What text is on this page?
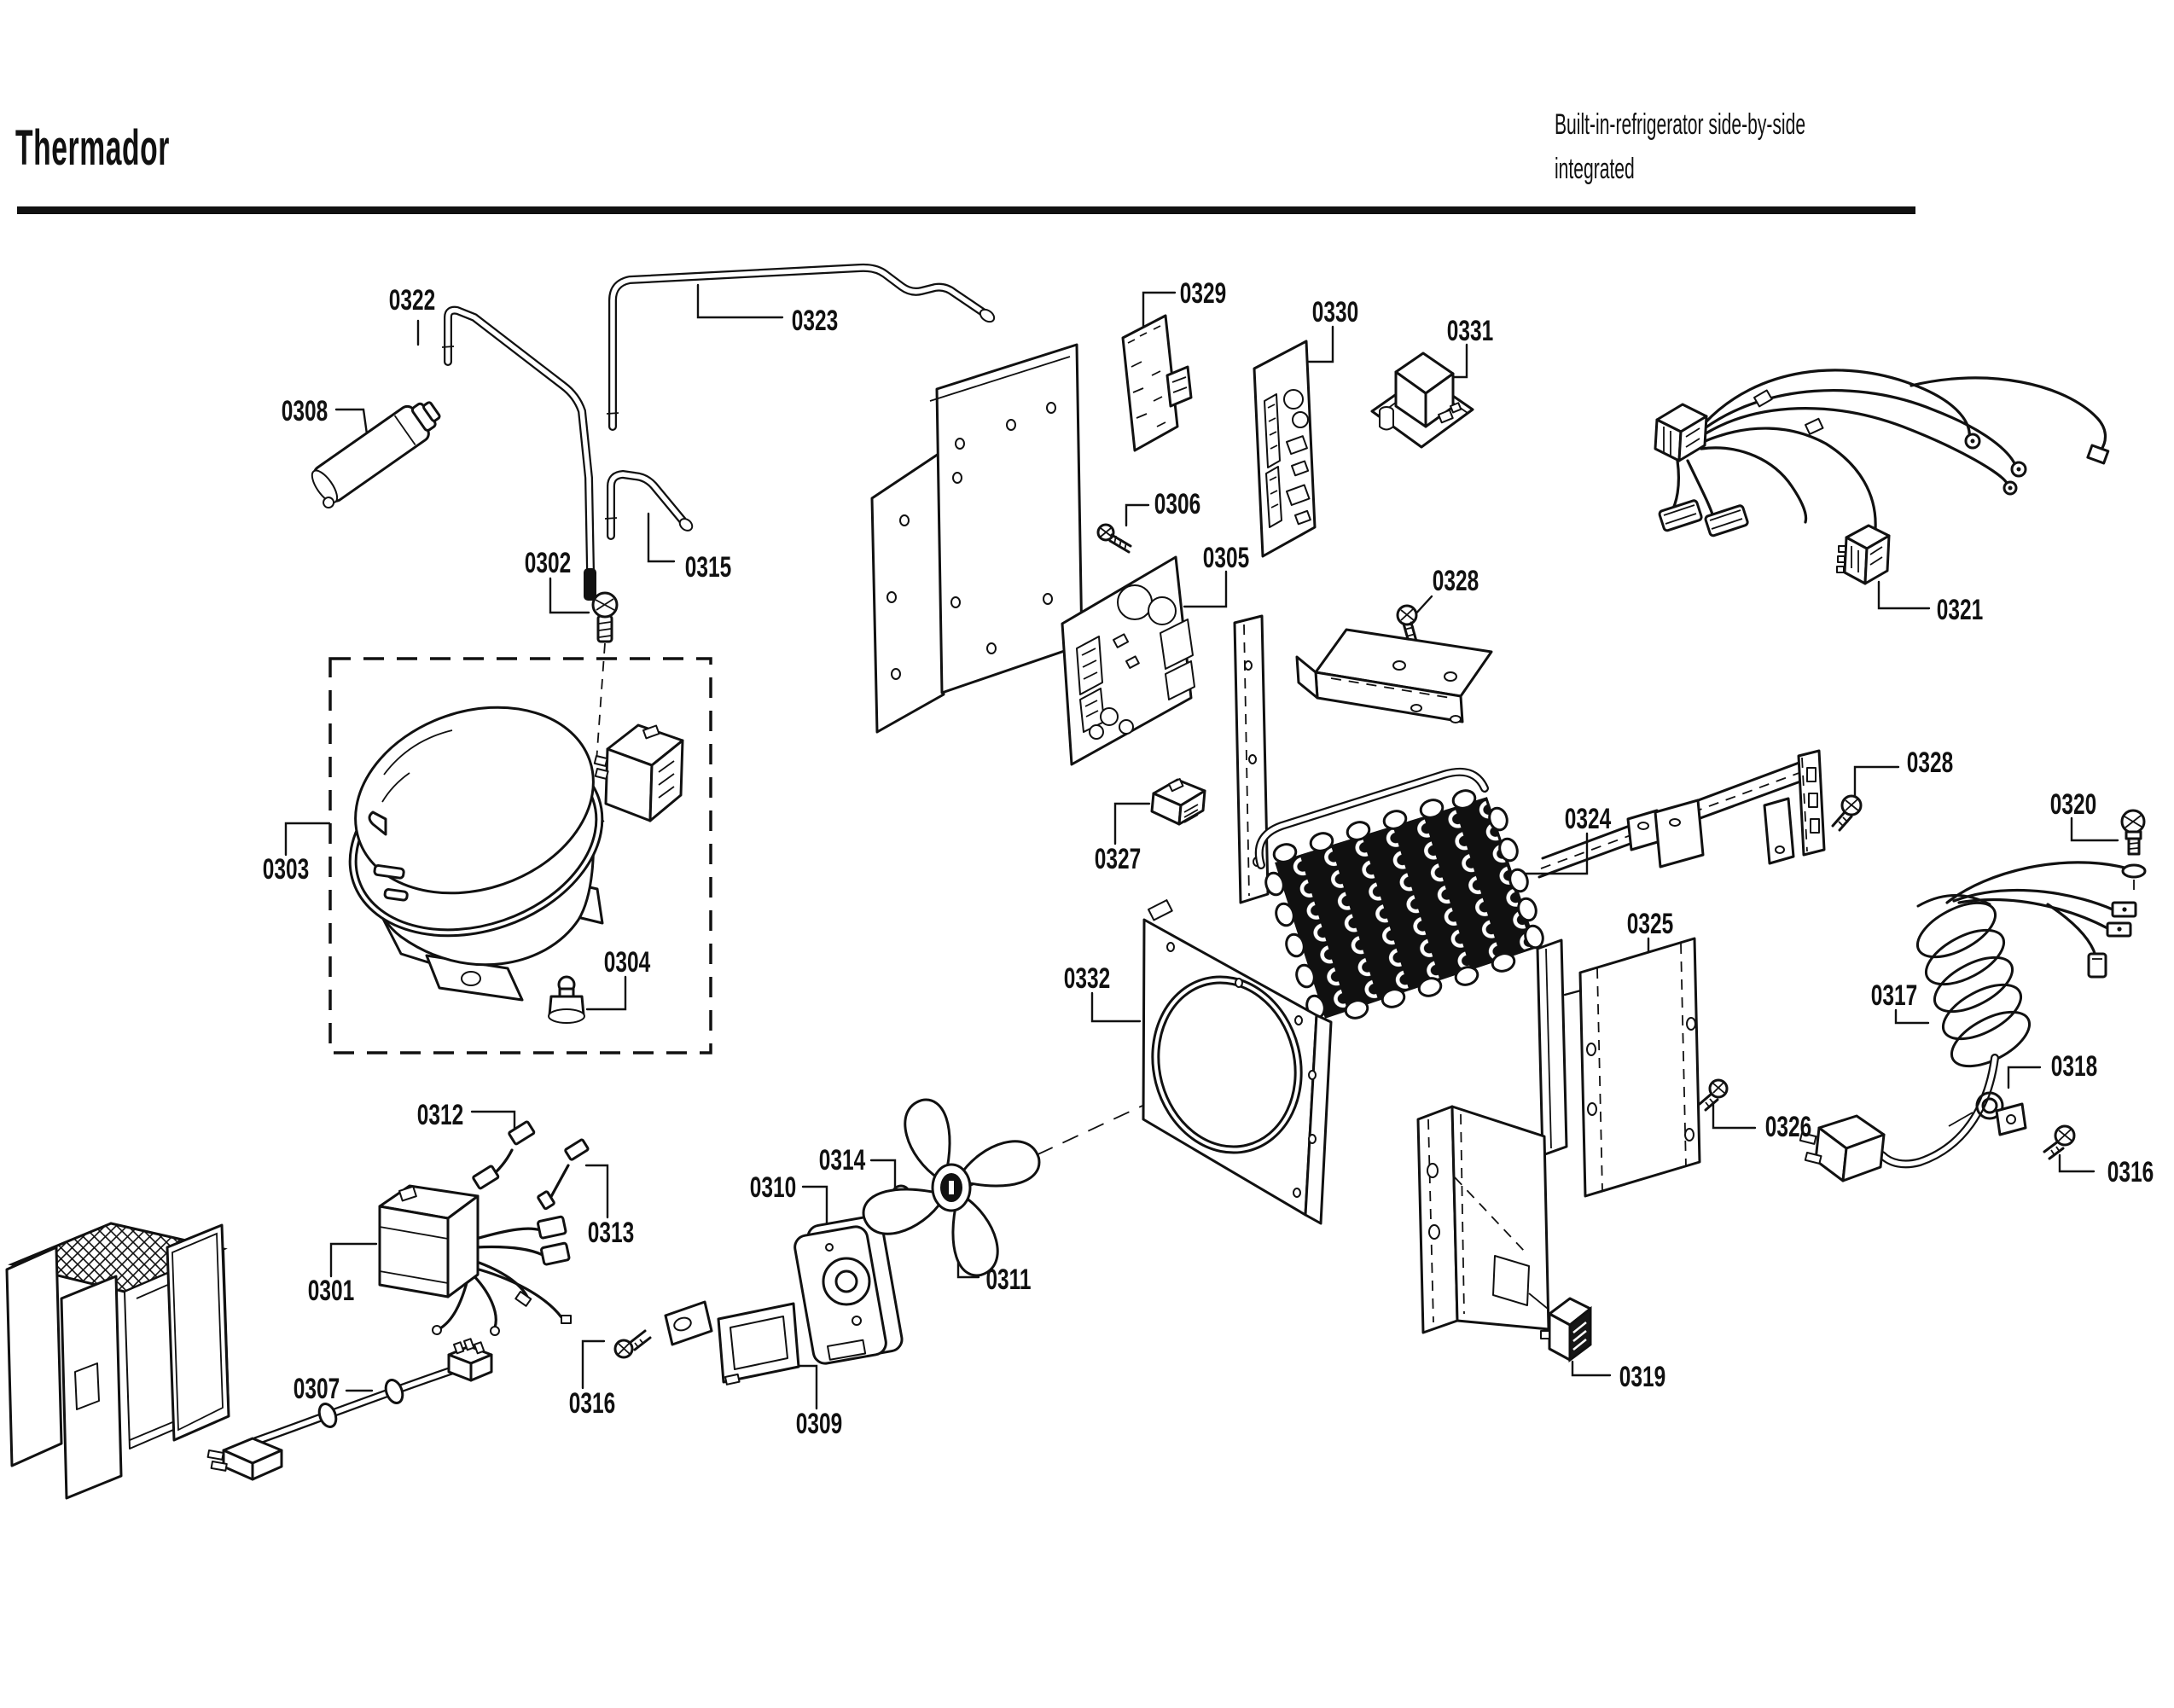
Thermador	Built-in-refrigerator side-by-side
integrated
0322
0323
0308
0315
0302
0303
0304
0329
0330
0331
0306
0305
0328
0327
0324
0325
0332
0320
0321
0328
0317
0326
0318
0316
0319
0312
0313
0310
0314
0311
0301
0307	0316
0309
